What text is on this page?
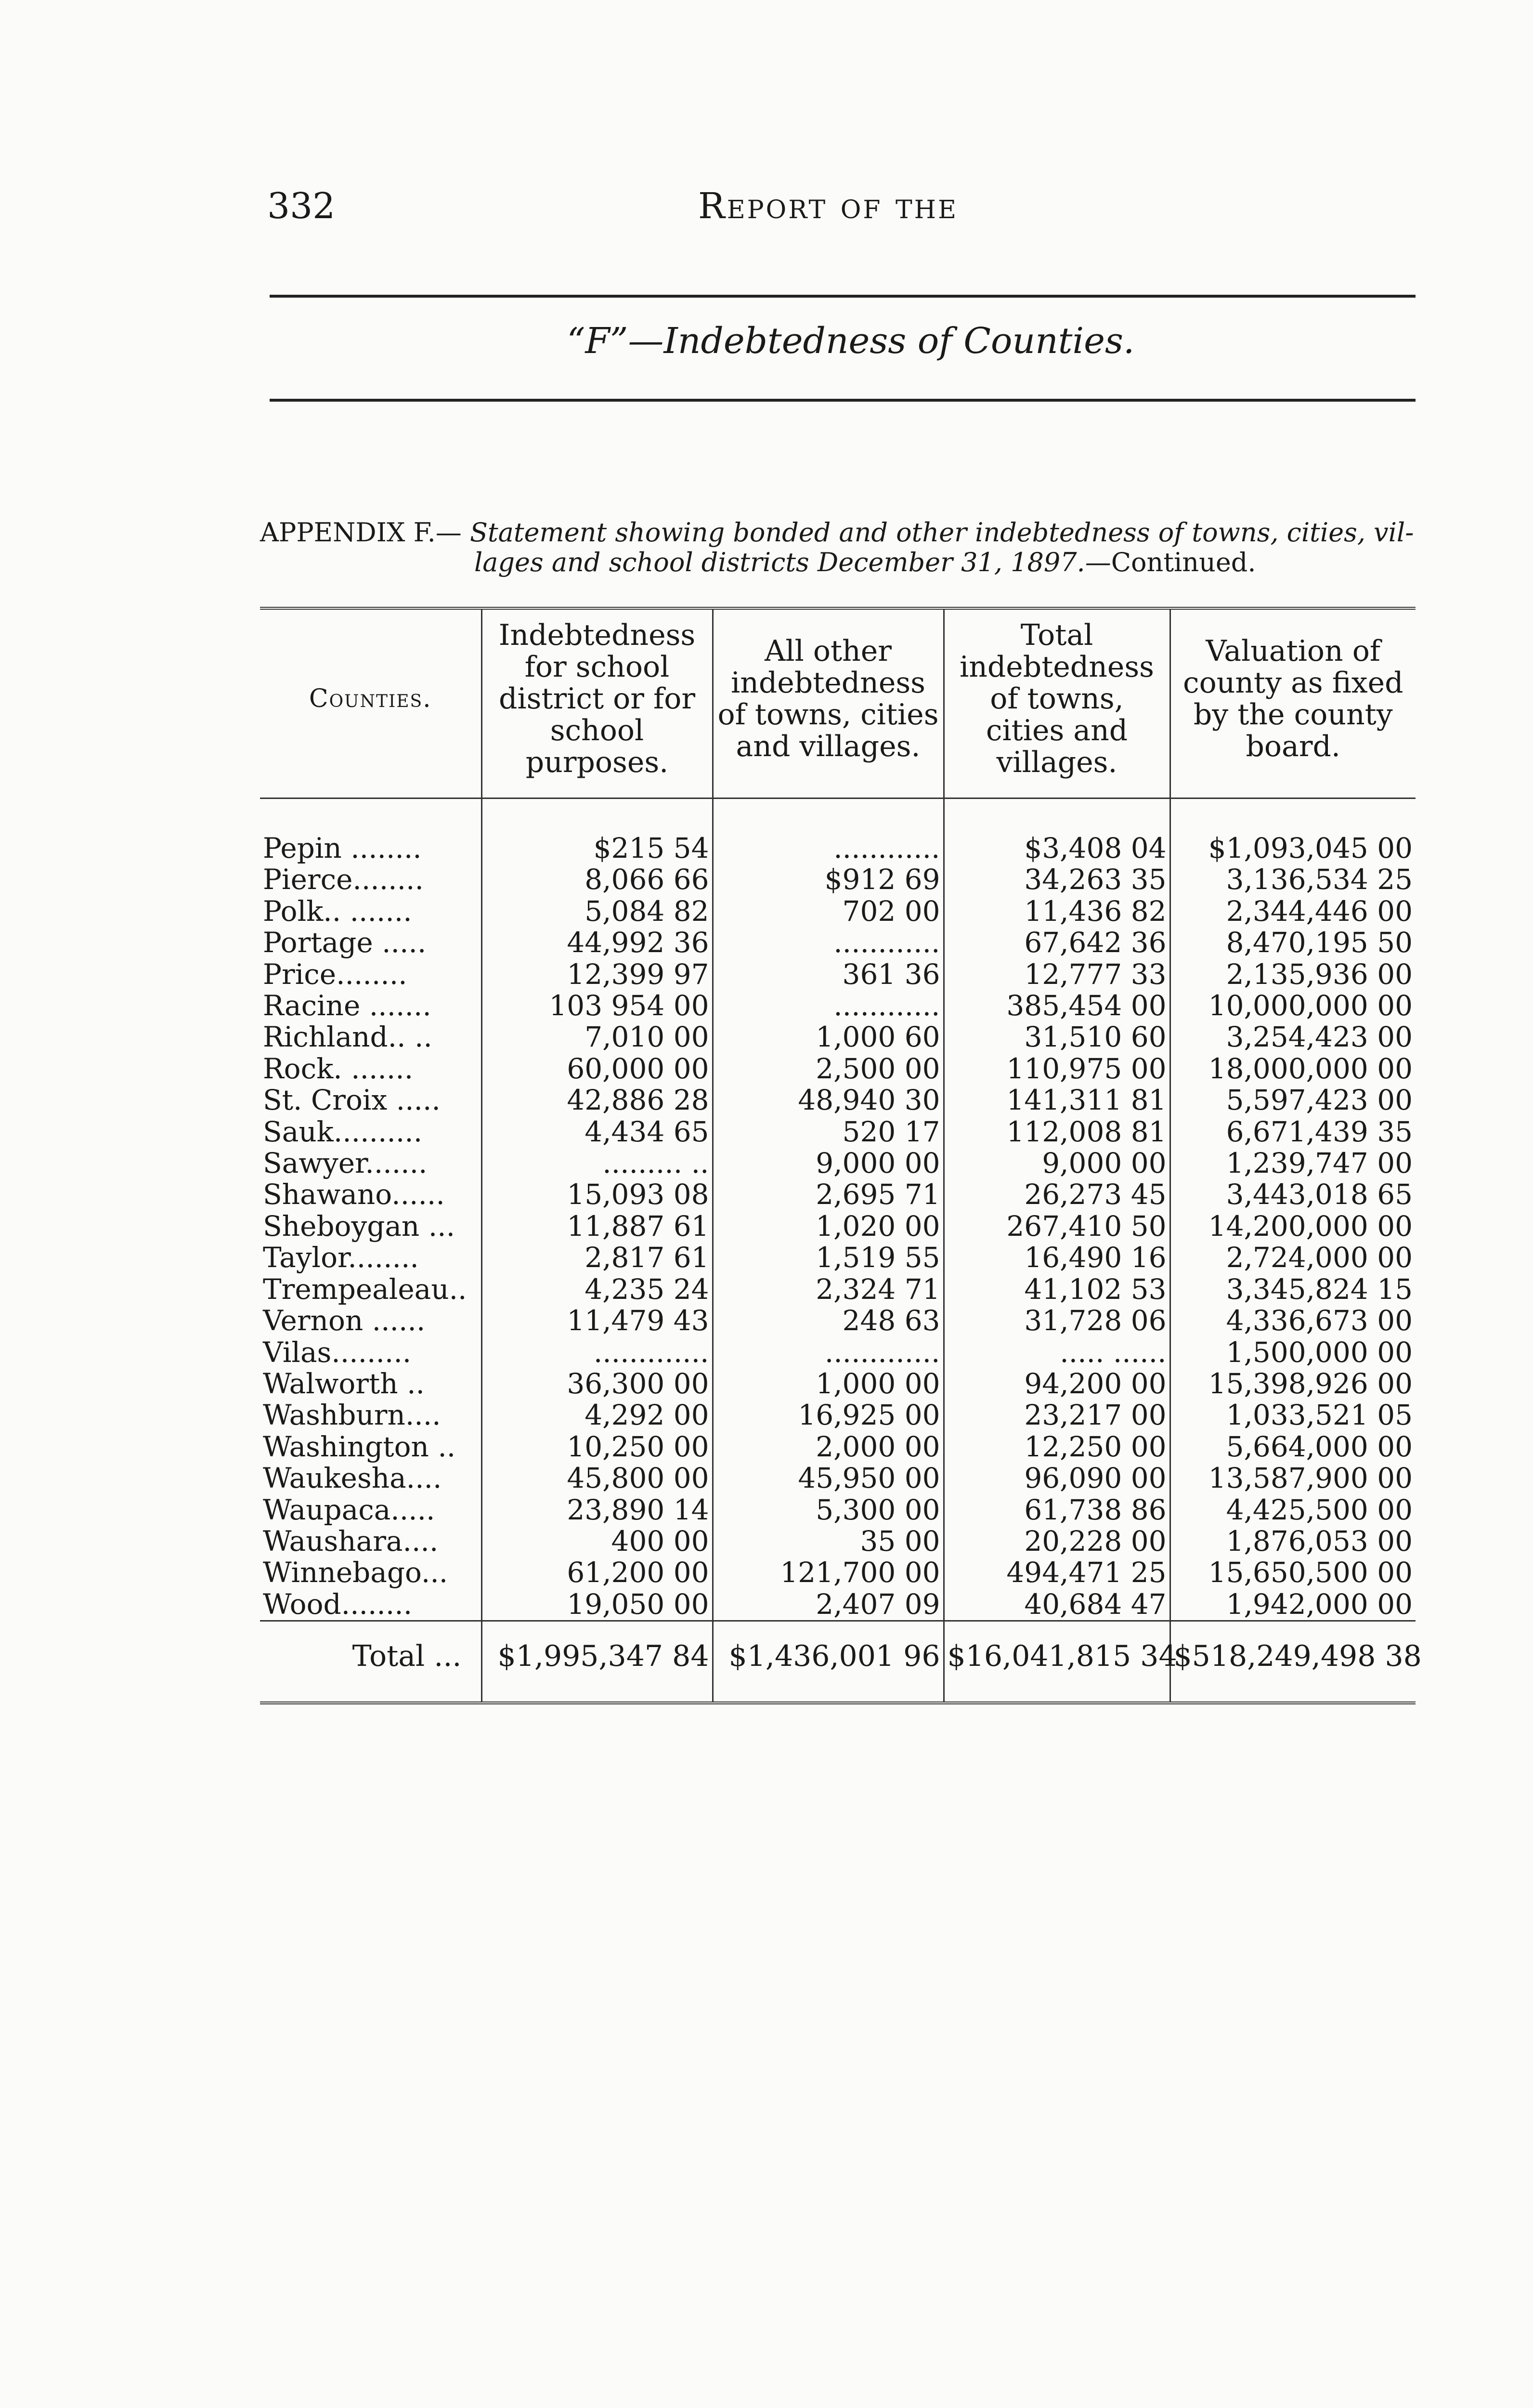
332	Report of the
“F”—Indebtedness of Counties.
APPENDIX F.— Statement showing bonded and other indebtedness of towns, cities, vil-
lages and school districts December 31, 1897.—Continued.
Counties.	Indebtedness for school district or for school purposes.	All other indebtedness of towns, cities and villages.	Total indebtedness of towns, cities and villages.	Valuation of county as fixed by the county board.
Pepin ........	$215 54	............	$3,408 04	$1,093,045 00
Pierce........	8,066 66	$912 69	34,263 35	3,136,534 25
Polk.. .......	5,084 82	702 00	11,436 82	2,344,446 00
Portage .....	44,992 36	............	67,642 36	8,470,195 50
Price........	12,399 97	361 36	12,777 33	2,135,936 00
Racine .......	103 954 00	............	385,454 00	10,000,000 00
Richland.. ..	7,010 00	1,000 60	31,510 60	3,254,423 00
Rock. .......	60,000 00	2,500 00	110,975 00	18,000,000 00
St. Croix .....	42,886 28	48,940 30	141,311 81	5,597,423 00
Sauk..........	4,434 65	520 17	112,008 81	6,671,439 35
Sawyer.......	......... ..	9,000 00	9,000 00	1,239,747 00
Shawano......	15,093 08	2,695 71	26,273 45	3,443,018 65
Sheboygan ...	11,887 61	1,020 00	267,410 50	14,200,000 00
Taylor........	2,817 61	1,519 55	16,490 16	2,724,000 00
Trempealeau..	4,235 24	2,324 71	41,102 53	3,345,824 15
Vernon ......	11,479 43	248 63	31,728 06	4,336,673 00
Vilas.........	.............	.............	..... ......	1,500,000 00
Walworth ..	36,300 00	1,000 00	94,200 00	15,398,926 00
Washburn....	4,292 00	16,925 00	23,217 00	1,033,521 05
Washington ..	10,250 00	2,000 00	12,250 00	5,664,000 00
Waukesha....	45,800 00	45,950 00	96,090 00	13,587,900 00
Waupaca.....	23,890 14	5,300 00	61,738 86	4,425,500 00
Waushara....	400 00	35 00	20,228 00	1,876,053 00
Winnebago...	61,200 00	121,700 00	494,471 25	15,650,500 00
Wood........	19,050 00	2,407 09	40,684 47	1,942,000 00
Total ...	$1,995,347 84	$1,436,001 96	$16,041,815 34	$518,249,498 38
